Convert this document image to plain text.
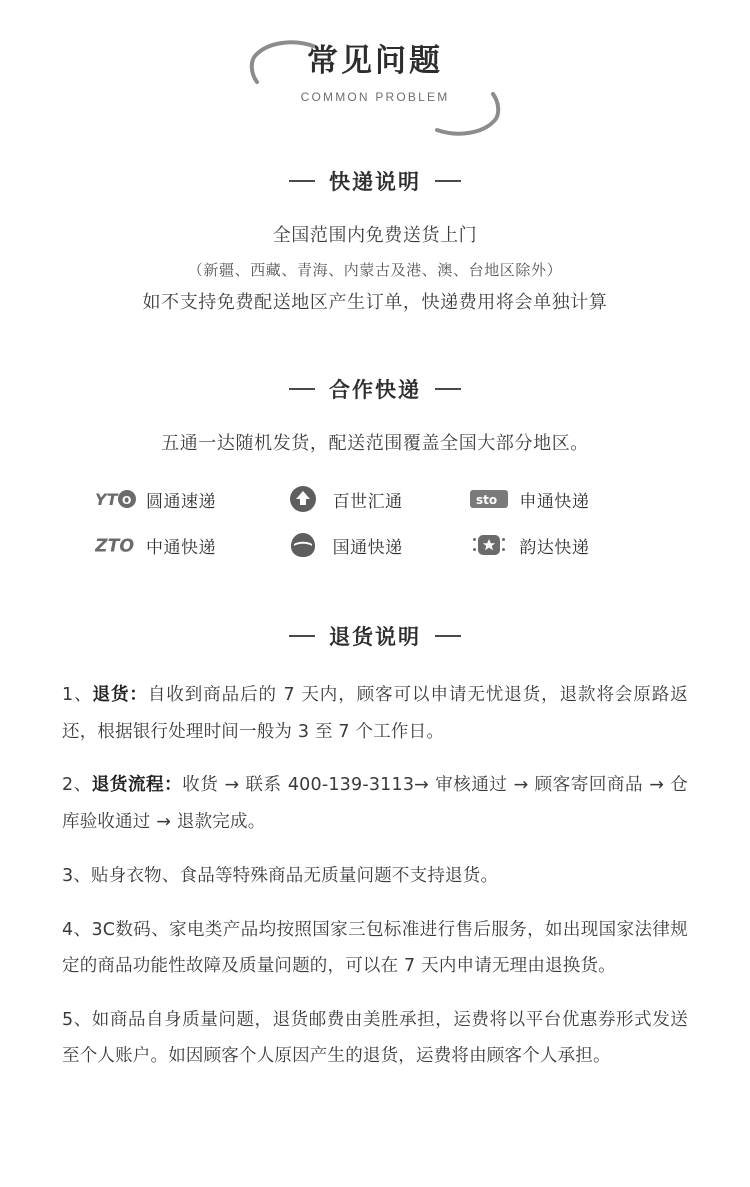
常见问题
COMMON PROBLEM
快递说明
全国范围内免费送货上门
（新疆、西藏、青海、内蒙古及港、澳、台地区除外）
如不支持免费配送地区产生订单，快递费用将会单独计算
合作快递
五通一达随机发货，配送范围覆盖全国大部分地区。
YT O 圆通速递	百世汇通	sto 申通快递
ZTO 中通快递	国通快递	韵达快递
退货说明

1、退货：自收到商品后的 7 天内，顾客可以申请无忧退货，退款将会原路返还，根据银行处理时间一般为 3 至 7 个工作日。

2、退货流程：收货 → 联系 400-139-3113→ 审核通过 → 顾客寄回商品 → 仓库验收通过 → 退款完成。

3、贴身衣物、食品等特殊商品无质量问题不支持退货。

4、3C数码、家电类产品均按照国家三包标准进行售后服务，如出现国家法律规定的商品功能性故障及质量问题的，可以在 7 天内申请无理由退换货。

5、如商品自身质量问题，退货邮费由美胜承担，运费将以平台优惠券形式发送至个人账户。如因顾客个人原因产生的退货，运费将由顾客个人承担。
